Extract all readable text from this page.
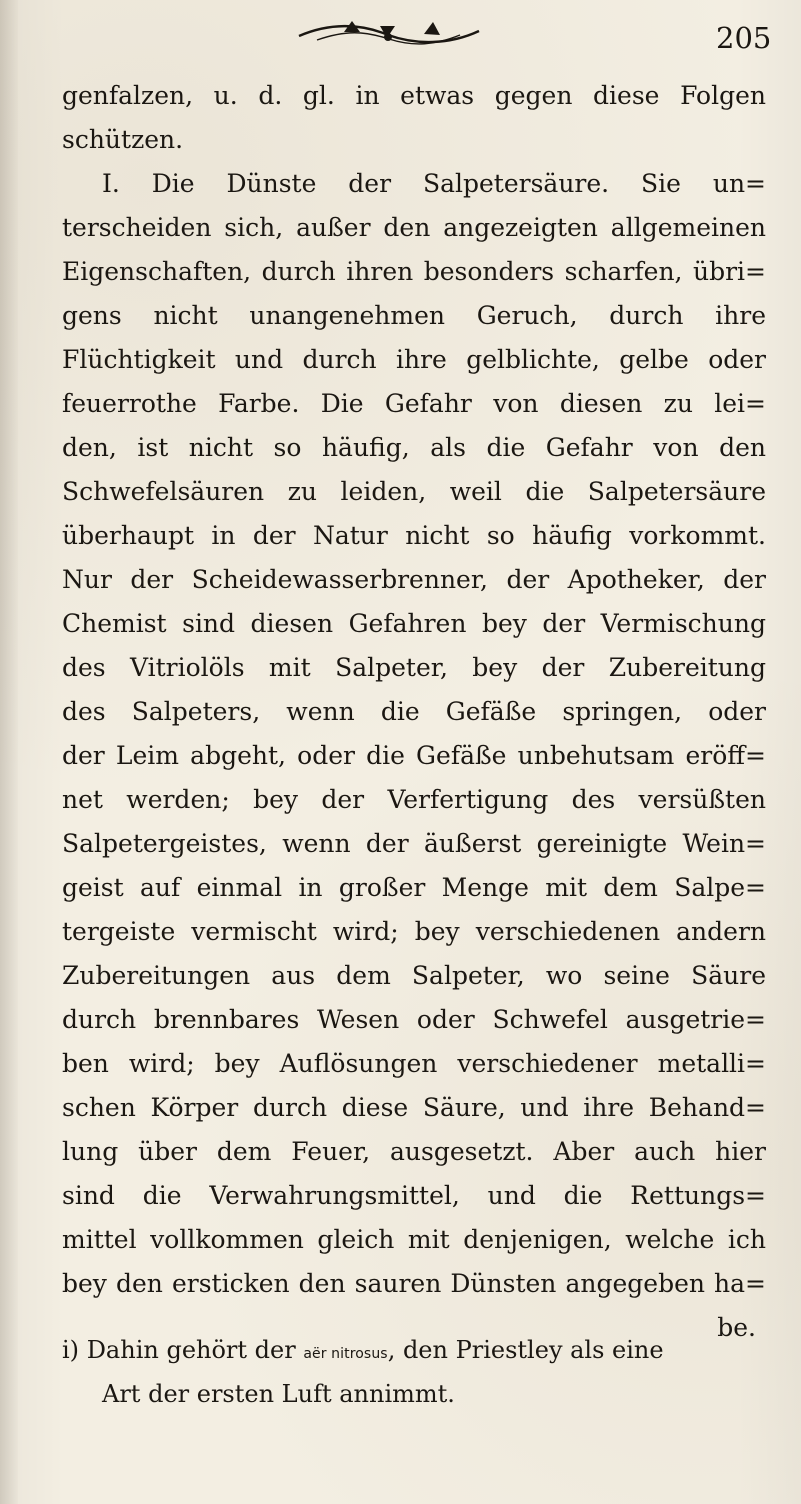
205
genfalzen, u. d. gl. in etwas gegen diese Folgen
schützen.
I. Die Dünste der Salpetersäure. Sie un=
terscheiden sich, außer den angezeigten allgemeinen
Eigenschaften, durch ihren besonders scharfen, übri=
gens nicht unangenehmen Geruch, durch ihre
Flüchtigkeit und durch ihre gelblichte, gelbe oder
feuerrothe Farbe. Die Gefahr von diesen zu lei=
den, ist nicht so häufig, als die Gefahr von den
Schwefelsäuren zu leiden, weil die Salpetersäure
überhaupt in der Natur nicht so häufig vorkommt.
Nur der Scheidewasserbrenner, der Apotheker, der
Chemist sind diesen Gefahren bey der Vermischung
des Vitriolöls mit Salpeter, bey der Zubereitung
des Salpeters, wenn die Gefäße springen, oder
der Leim abgeht, oder die Gefäße unbehutsam eröff=
net werden; bey der Verfertigung des versüßten
Salpetergeistes, wenn der äußerst gereinigte Wein=
geist auf einmal in großer Menge mit dem Salpe=
tergeiste vermischt wird; bey verschiedenen andern
Zubereitungen aus dem Salpeter, wo seine Säure
durch brennbares Wesen oder Schwefel ausgetrie=
ben wird; bey Auflösungen verschiedener metalli=
schen Körper durch diese Säure, und ihre Behand=
lung über dem Feuer, ausgesetzt. Aber auch hier
sind die Verwahrungsmittel, und die Rettungs=
mittel vollkommen gleich mit denjenigen, welche ich
bey den ersticken den sauren Dünsten angegeben ha=
be.
i) Dahin gehört der aër nitrosus, den Priestley als eine
Art der ersten Luft annimmt.
